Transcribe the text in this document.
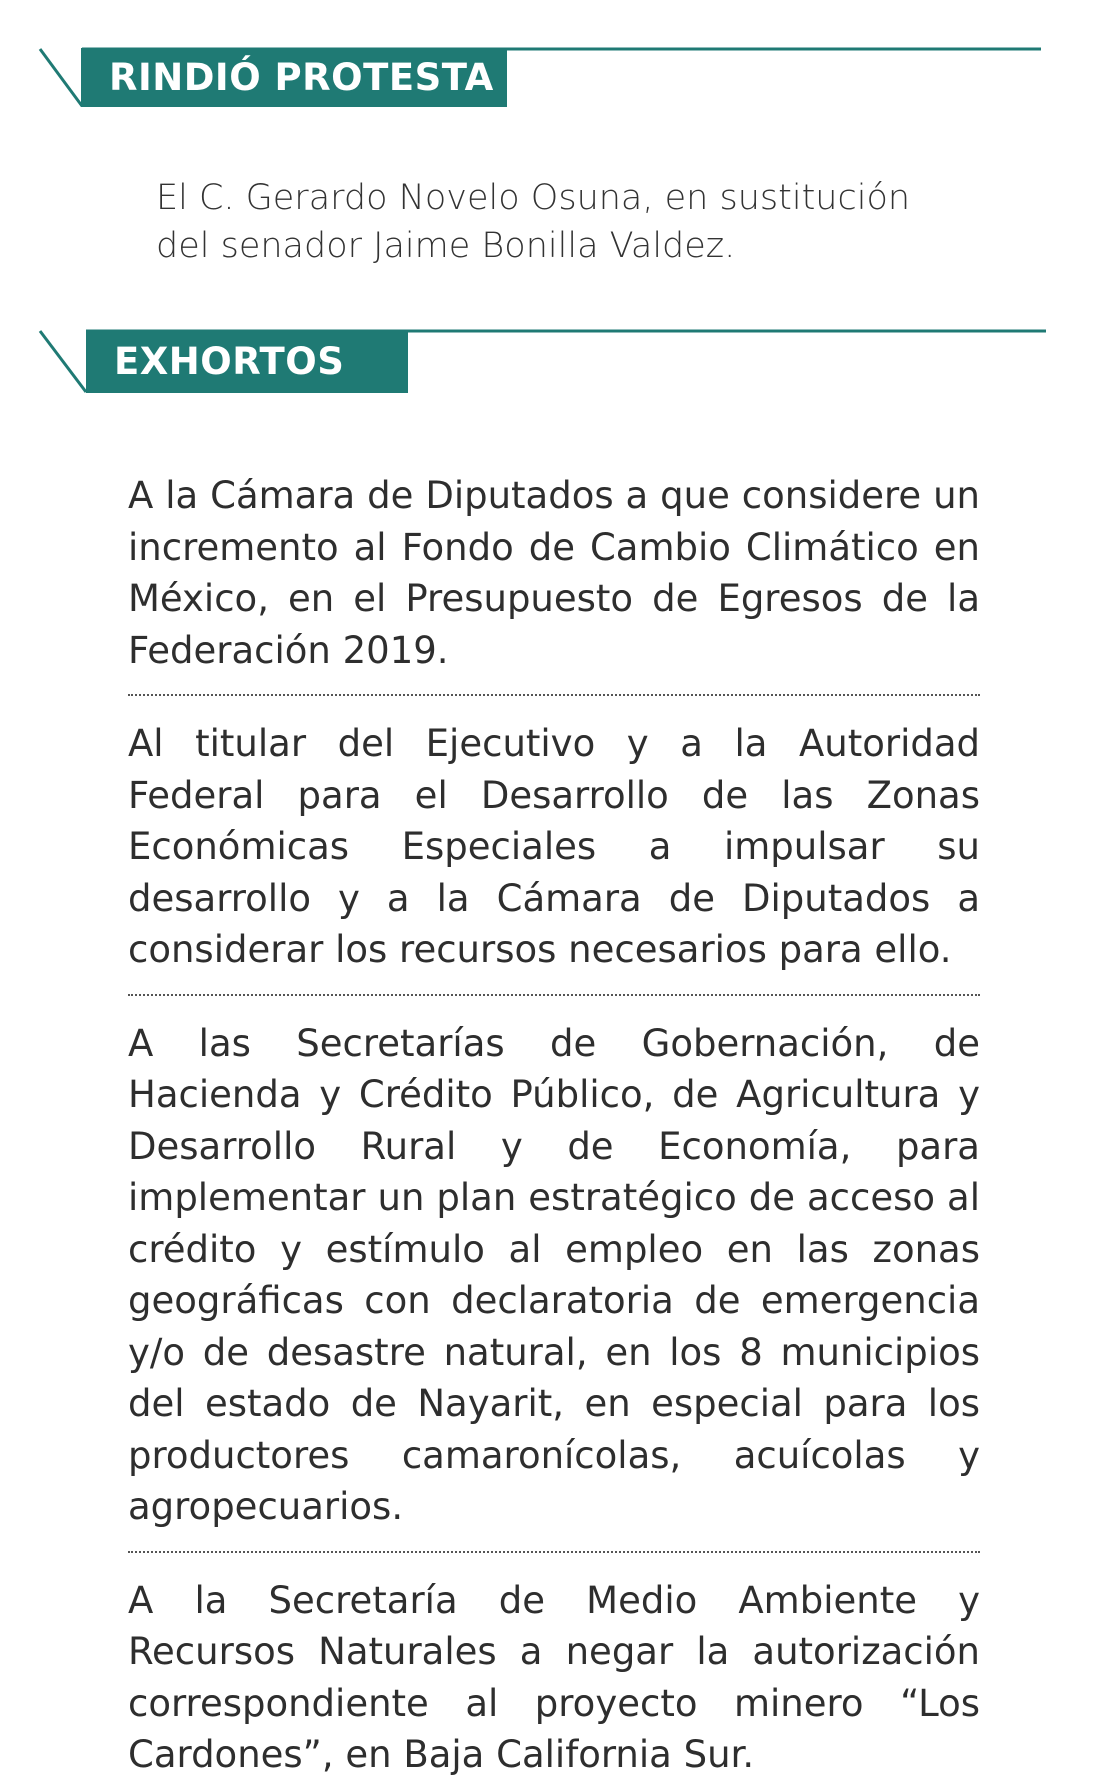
RINDIÓ PROTESTA

El C. Gerardo Novelo Osuna, en sustitución del senador Jaime Bonilla Valdez.

EXHORTOS

A la Cámara de Diputados a que considere un incremento al Fondo de Cambio Climático en México, en el Presupuesto de Egresos de la Federación 2019.

Al titular del Ejecutivo y a la Autoridad Federal para el Desarrollo de las Zonas Económicas Especiales a impulsar su desarrollo y a la Cámara de Diputados a considerar los recursos necesarios para ello.

A las Secretarías de Gobernación, de Hacienda y Crédito Público, de Agricultura y Desarrollo Rural y de Economía, para implementar un plan estratégico de acceso al crédito y estímulo al empleo en las zonas geográficas con declaratoria de emergencia y/o de desastre natural, en los 8 municipios del estado de Nayarit, en especial para los productores camaronícolas, acuícolas y agropecuarios.

A la Secretaría de Medio Ambiente y Recursos Naturales a negar la autorización correspondiente al proyecto minero “Los Cardones”, en Baja California Sur.
